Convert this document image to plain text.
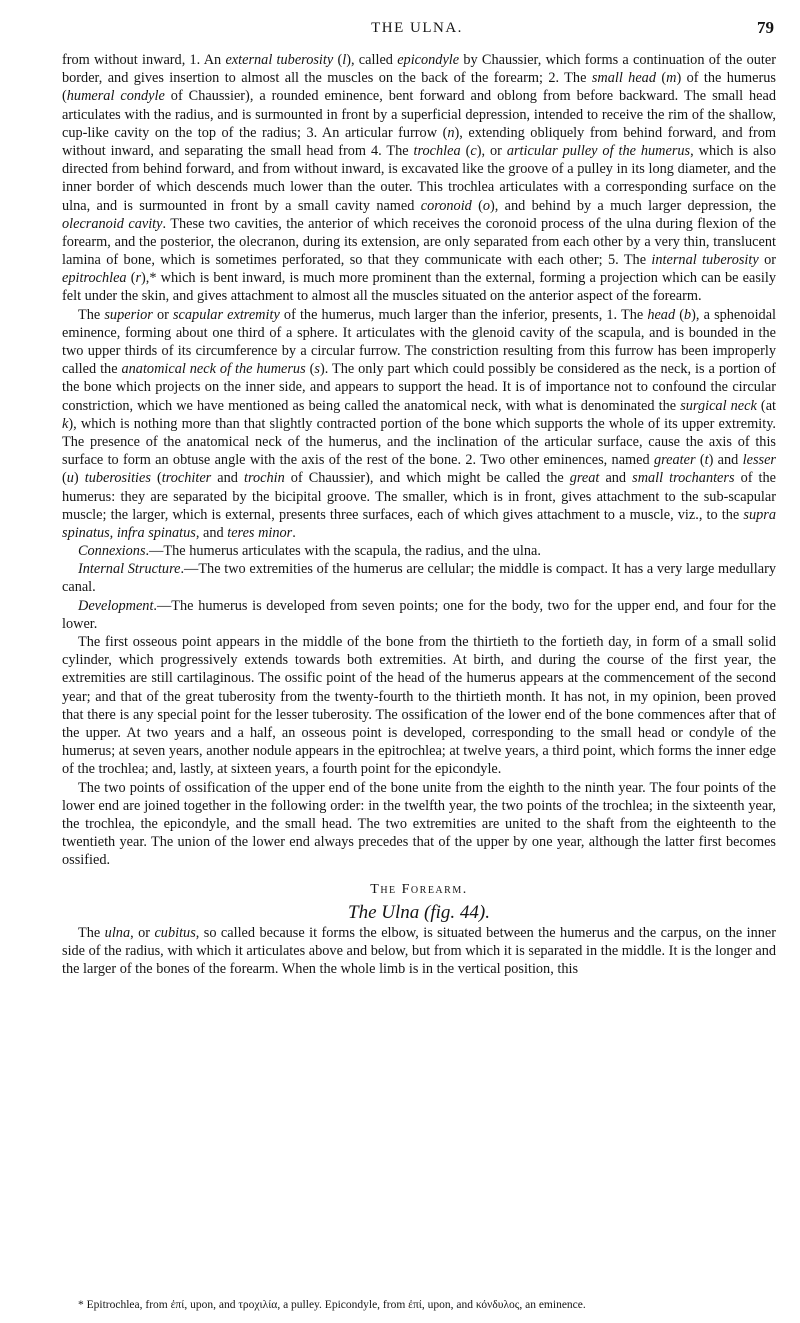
THE ULNA.	79

from without inward, 1. An external tuberosity (l), called epicondyle by Chaussier, which forms a continuation of the outer border, and gives insertion to almost all the muscles on the back of the forearm; 2. The small head (m) of the humerus (humeral condyle of Chaussier), a rounded eminence, bent forward and oblong from before backward. The small head articulates with the radius, and is surmounted in front by a superficial depression, intended to receive the rim of the shallow, cup-like cavity on the top of the radius; 3. An articular furrow (n), extending obliquely from behind forward, and from without inward, and separating the small head from 4. The trochlea (c), or articular pulley of the humerus, which is also directed from behind forward, and from without inward, is excavated like the groove of a pulley in its long diameter, and the inner border of which descends much lower than the outer. This trochlea articulates with a corresponding surface on the ulna, and is surmounted in front by a small cavity named coronoid (o), and behind by a much larger depression, the olecranoid cavity. These two cavities, the anterior of which receives the coronoid process of the ulna during flexion of the forearm, and the posterior, the olecranon, during its extension, are only separated from each other by a very thin, translucent lamina of bone, which is sometimes perforated, so that they communicate with each other; 5. The internal tuberosity or epitrochlea (r),* which is bent inward, is much more prominent than the external, forming a projection which can be easily felt under the skin, and gives attachment to almost all the muscles situated on the anterior aspect of the forearm.

The superior or scapular extremity of the humerus, much larger than the inferior, presents, 1. The head (b), a sphenoidal eminence, forming about one third of a sphere. It articulates with the glenoid cavity of the scapula, and is bounded in the two upper thirds of its circumference by a circular furrow. The constriction resulting from this furrow has been improperly called the anatomical neck of the humerus (s). The only part which could possibly be considered as the neck, is a portion of the bone which projects on the inner side, and appears to support the head. It is of importance not to confound the circular constriction, which we have mentioned as being called the anatomical neck, with what is denominated the surgical neck (at k), which is nothing more than that slightly contracted portion of the bone which supports the whole of its upper extremity. The presence of the anatomical neck of the humerus, and the inclination of the articular surface, cause the axis of this surface to form an obtuse angle with the axis of the rest of the bone. 2. Two other eminences, named greater (t) and lesser (u) tuberosities (trochiter and trochin of Chaussier), and which might be called the great and small trochanters of the humerus: they are separated by the bicipital groove. The smaller, which is in front, gives attachment to the sub-scapular muscle; the larger, which is external, presents three surfaces, each of which gives attachment to a muscle, viz., to the supra spinatus, infra spinatus, and teres minor.

Connexions.—The humerus articulates with the scapula, the radius, and the ulna.

Internal Structure.—The two extremities of the humerus are cellular; the middle is compact. It has a very large medullary canal.

Development.—The humerus is developed from seven points; one for the body, two for the upper end, and four for the lower.

The first osseous point appears in the middle of the bone from the thirtieth to the fortieth day, in form of a small solid cylinder, which progressively extends towards both extremities. At birth, and during the course of the first year, the extremities are still cartilaginous. The ossific point of the head of the humerus appears at the commencement of the second year; and that of the great tuberosity from the twenty-fourth to the thirtieth month. It has not, in my opinion, been proved that there is any special point for the lesser tuberosity. The ossification of the lower end of the bone commences after that of the upper. At two years and a half, an osseous point is developed, corresponding to the small head or condyle of the humerus; at seven years, another nodule appears in the epitrochlea; at twelve years, a third point, which forms the inner edge of the trochlea; and, lastly, at sixteen years, a fourth point for the epicondyle.

The two points of ossification of the upper end of the bone unite from the eighth to the ninth year. The four points of the lower end are joined together in the following order: in the twelfth year, the two points of the trochlea; in the sixteenth year, the trochlea, the epicondyle, and the small head. The two extremities are united to the shaft from the eighteenth to the twentieth year. The union of the lower end always precedes that of the upper by one year, although the latter first becomes ossified.

The Forearm.
The Ulna (fig. 44).

The ulna, or cubitus, so called because it forms the elbow, is situated between the humerus and the carpus, on the inner side of the radius, with which it articulates above and below, but from which it is separated in the middle. It is the longer and the larger of the bones of the forearm. When the whole limb is in the vertical position, this

* Epitrochlea, from ἐπί, upon, and τροχιλία, a pulley. Epicondyle, from ἐπί, upon, and κόνδυλος, an eminence.
